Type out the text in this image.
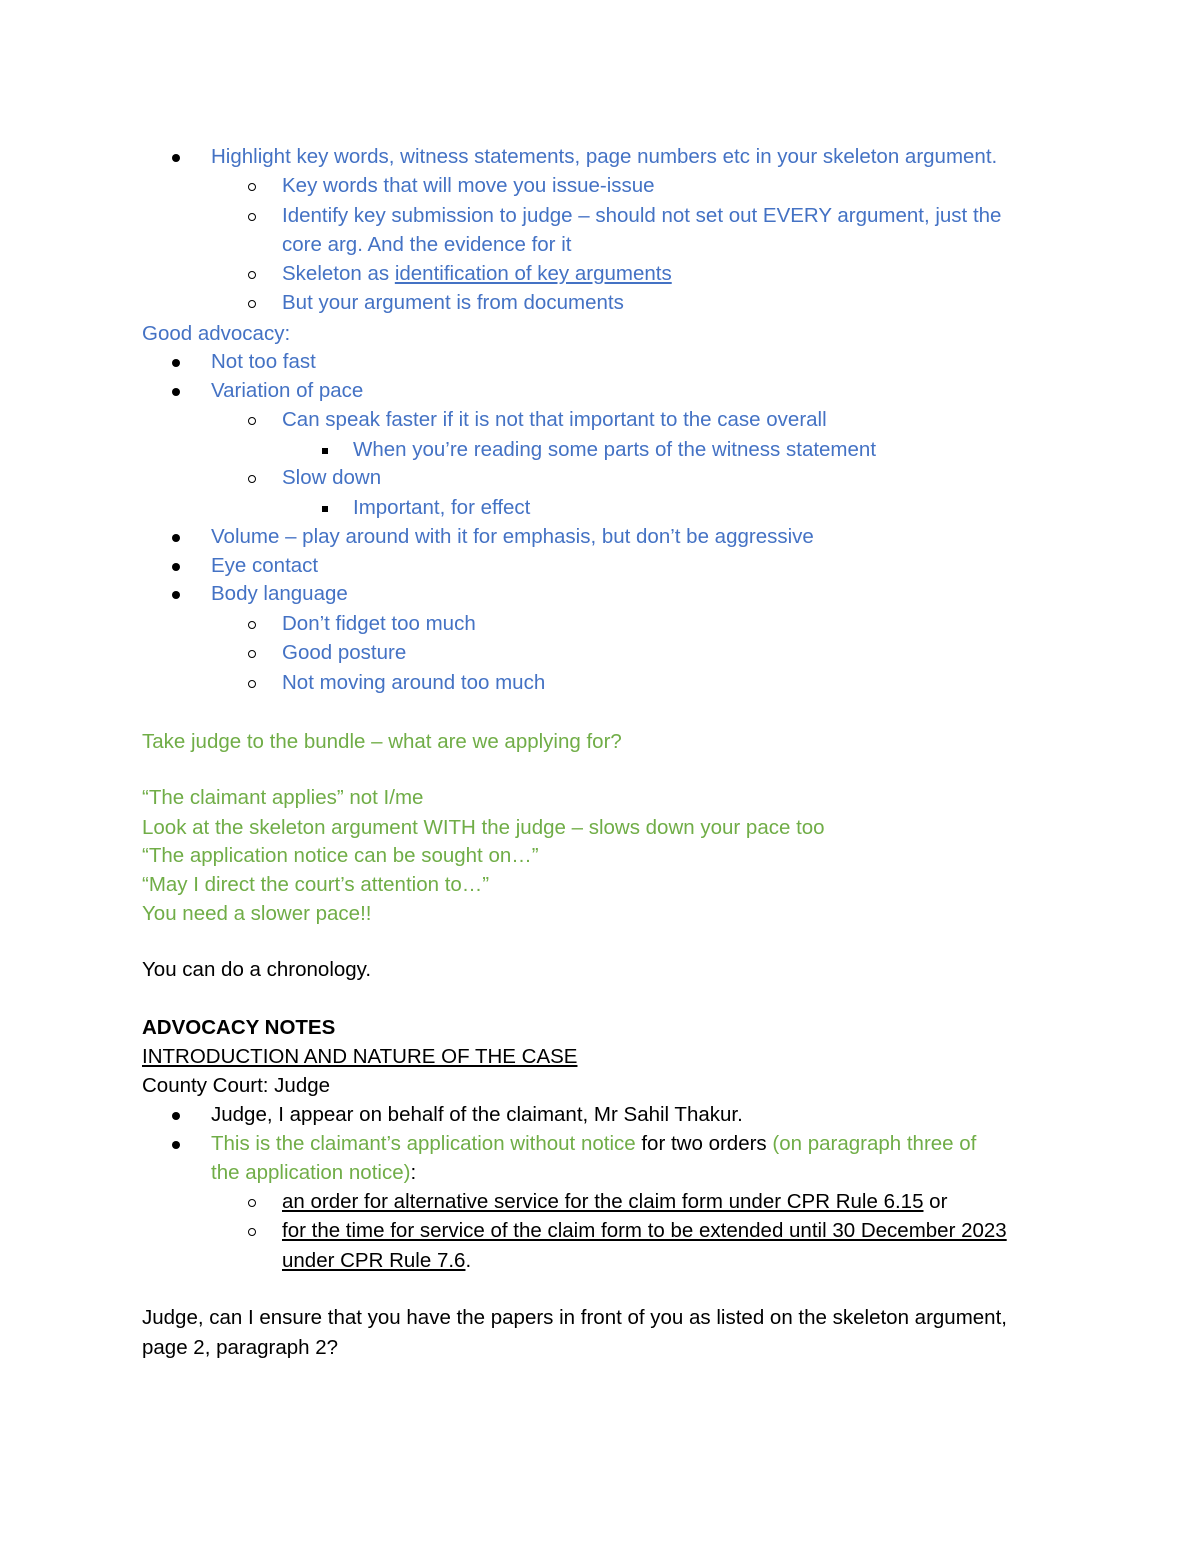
Highlight key words, witness statements, page numbers etc in your skeleton argument.
Key words that will move you issue-issue
Identify key submission to judge – should not set out EVERY argument, just the
core arg. And the evidence for it
Skeleton as identification of key arguments
But your argument is from documents
Good advocacy:
Not too fast
Variation of pace
Can speak faster if it is not that important to the case overall
When you’re reading some parts of the witness statement
Slow down
Important, for effect
Volume – play around with it for emphasis, but don’t be aggressive
Eye contact
Body language
Don’t fidget too much
Good posture
Not moving around too much
Take judge to the bundle – what are we applying for?
“The claimant applies” not I/me
Look at the skeleton argument WITH the judge – slows down your pace too
“The application notice can be sought on…”
“May I direct the court’s attention to…”
You need a slower pace!!
You can do a chronology.
ADVOCACY NOTES
INTRODUCTION AND NATURE OF THE CASE
County Court: Judge
Judge, I appear on behalf of the claimant, Mr Sahil Thakur.
This is the claimant’s application without notice for two orders (on paragraph three of
the application notice):
an order for alternative service for the claim form under CPR Rule 6.15 or
for the time for service of the claim form to be extended until 30 December 2023
under CPR Rule 7.6.
Judge, can I ensure that you have the papers in front of you as listed on the skeleton argument,
page 2, paragraph 2?
